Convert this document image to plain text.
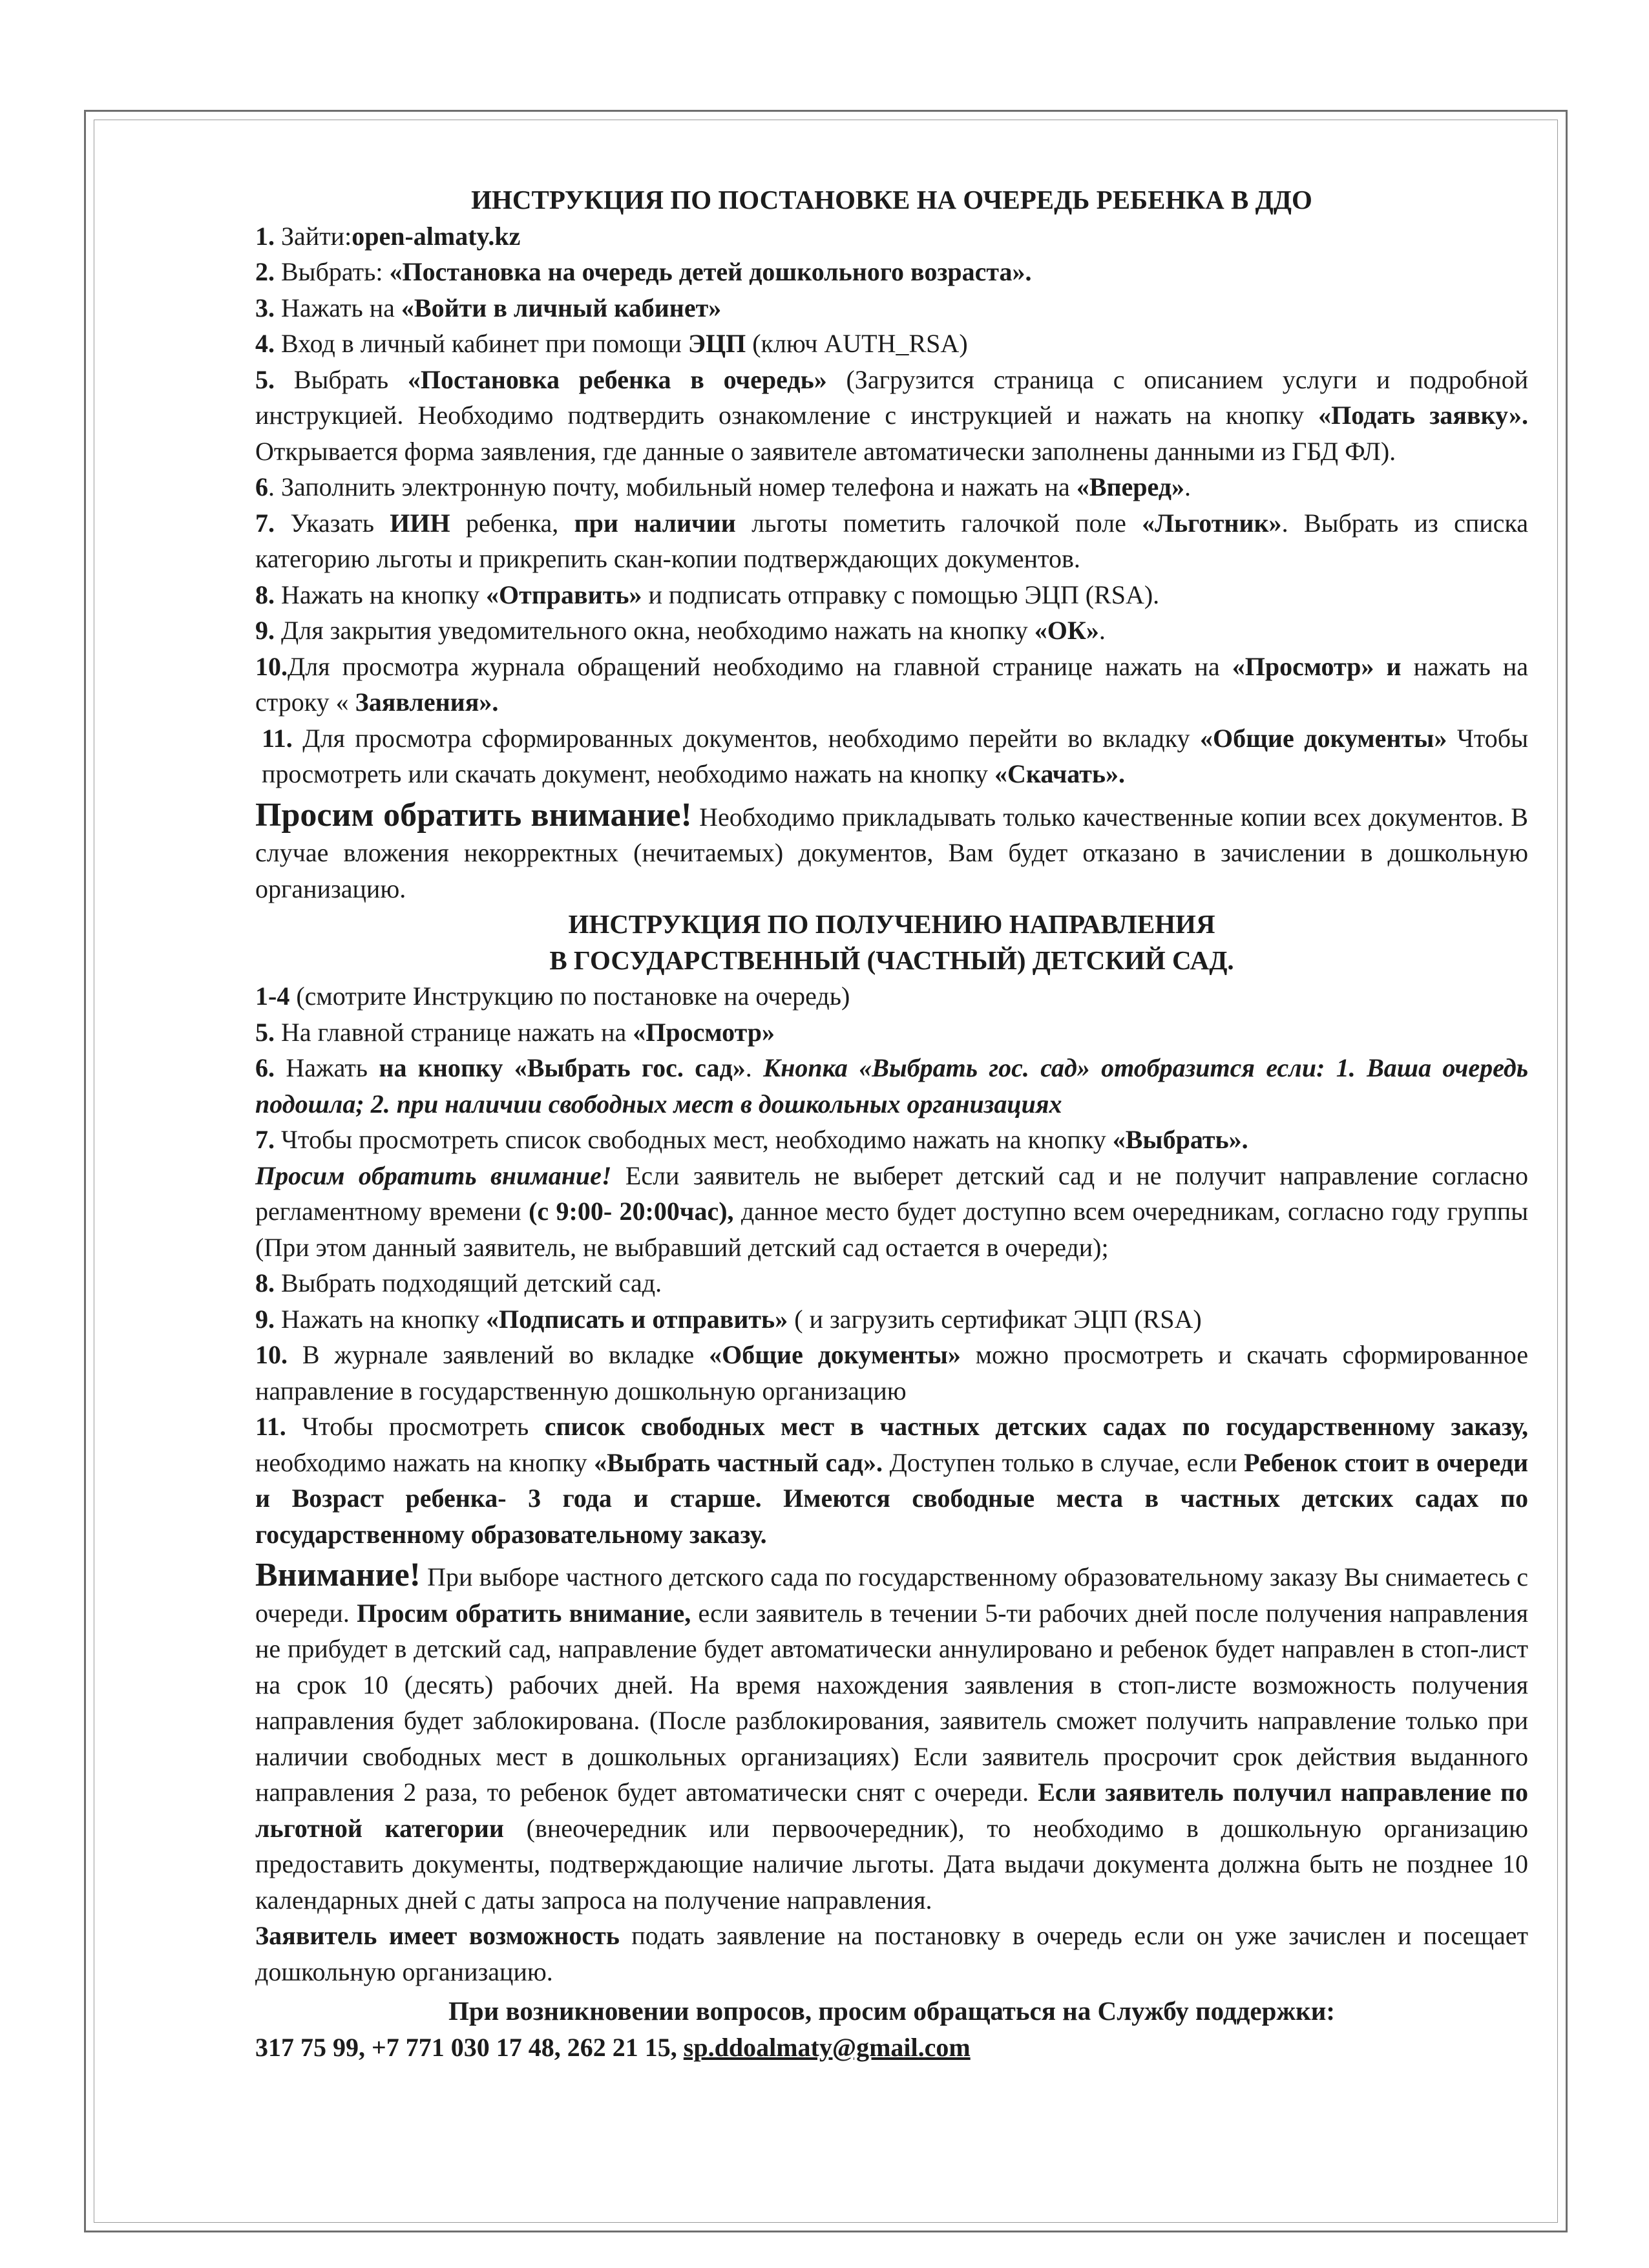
ИНСТРУКЦИЯ ПО ПОСТАНОВКЕ НА ОЧЕРЕДЬ РЕБЕНКА В ДДО

1. Зайти:open-almaty.kz

2. Выбрать: «Постановка на очередь детей дошкольного возраста».

3. Нажать на «Войти в личный кабинет»

4. Вход в личный кабинет при помощи ЭЦП (ключ AUTH_RSA)

5. Выбрать «Постановка ребенка в очередь» (Загрузится страница с описанием услуги и подробной инструкцией. Необходимо подтвердить ознакомление с инструкцией и нажать на кнопку «Подать заявку». Открывается форма заявления, где данные о заявителе автоматически заполнены данными из ГБД ФЛ).

6. Заполнить электронную почту, мобильный номер телефона и нажать на «Вперед».

7. Указать ИИН ребенка, при наличии льготы пометить галочкой поле «Льготник». Выбрать из списка категорию льготы и прикрепить скан-копии подтверждающих документов.

8. Нажать на кнопку «Отправить» и подписать отправку с помощью ЭЦП (RSA).

9. Для закрытия уведомительного окна, необходимо нажать на кнопку «ОК».

10.Для просмотра журнала обращений необходимо на главной странице нажать на «Просмотр» и нажать на строку « Заявления».

11. Для просмотра сформированных документов, необходимо перейти во вкладку «Общие документы» Чтобы просмотреть или скачать документ, необходимо нажать на кнопку «Скачать».

Просим обратить внимание! Необходимо прикладывать только качественные копии всех документов. В случае вложения некорректных (нечитаемых) документов, Вам будет отказано в зачислении в дошкольную организацию.

ИНСТРУКЦИЯ ПО ПОЛУЧЕНИЮ НАПРАВЛЕНИЯ

В ГОСУДАРСТВЕННЫЙ (ЧАСТНЫЙ) ДЕТСКИЙ САД.

1-4 (смотрите Инструкцию по постановке на очередь)

5. На главной странице нажать на «Просмотр»

6. Нажать на кнопку «Выбрать гос. сад». Кнопка «Выбрать гос. сад» отобразится если: 1. Ваша очередь подошла; 2. при наличии свободных мест в дошкольных организациях

7. Чтобы просмотреть список свободных мест, необходимо нажать на кнопку «Выбрать».

Просим обратить внимание! Если заявитель не выберет детский сад и не получит направление согласно регламентному времени (с 9:00- 20:00час), данное место будет доступно всем очередникам, согласно году группы (При этом данный заявитель, не выбравший детский сад остается в очереди);

8. Выбрать подходящий детский сад.

9. Нажать на кнопку «Подписать и отправить» ( и загрузить сертификат ЭЦП (RSA)

10. В журнале заявлений во вкладке «Общие документы» можно просмотреть и скачать сформированное направление в государственную дошкольную организацию

11. Чтобы просмотреть список свободных мест в частных детских садах по государственному заказу, необходимо нажать на кнопку «Выбрать частный сад». Доступен только в случае, если Ребенок стоит в очереди и Возраст ребенка- 3 года и старше. Имеются свободные места в частных детских садах по государственному образовательному заказу.

Внимание! При выборе частного детского сада по государственному образовательному заказу Вы снимаетесь с очереди. Просим обратить внимание, если заявитель в течении 5-ти рабочих дней после получения направления не прибудет в детский сад, направление будет автоматически аннулировано и ребенок будет направлен в стоп-лист на срок 10 (десять) рабочих дней. На время нахождения заявления в стоп-листе возможность получения направления будет заблокирована. (После разблокирования, заявитель сможет получить направление только при наличии свободных мест в дошкольных организациях) Если заявитель просрочит срок действия выданного направления 2 раза, то ребенок будет автоматически снят с очереди. Если заявитель получил направление по льготной категории (внеочередник или первоочередник), то необходимо в дошкольную организацию предоставить документы, подтверждающие наличие льготы. Дата выдачи документа должна быть не позднее 10 календарных дней с даты запроса на получение направления.

Заявитель имеет возможность подать заявление на постановку в очередь если он уже зачислен и посещает дошкольную организацию.

При возникновении вопросов, просим обращаться на Службу поддержки:

317 75 99, +7 771 030 17 48, 262 21 15, sp.ddoalmaty@gmail.com
